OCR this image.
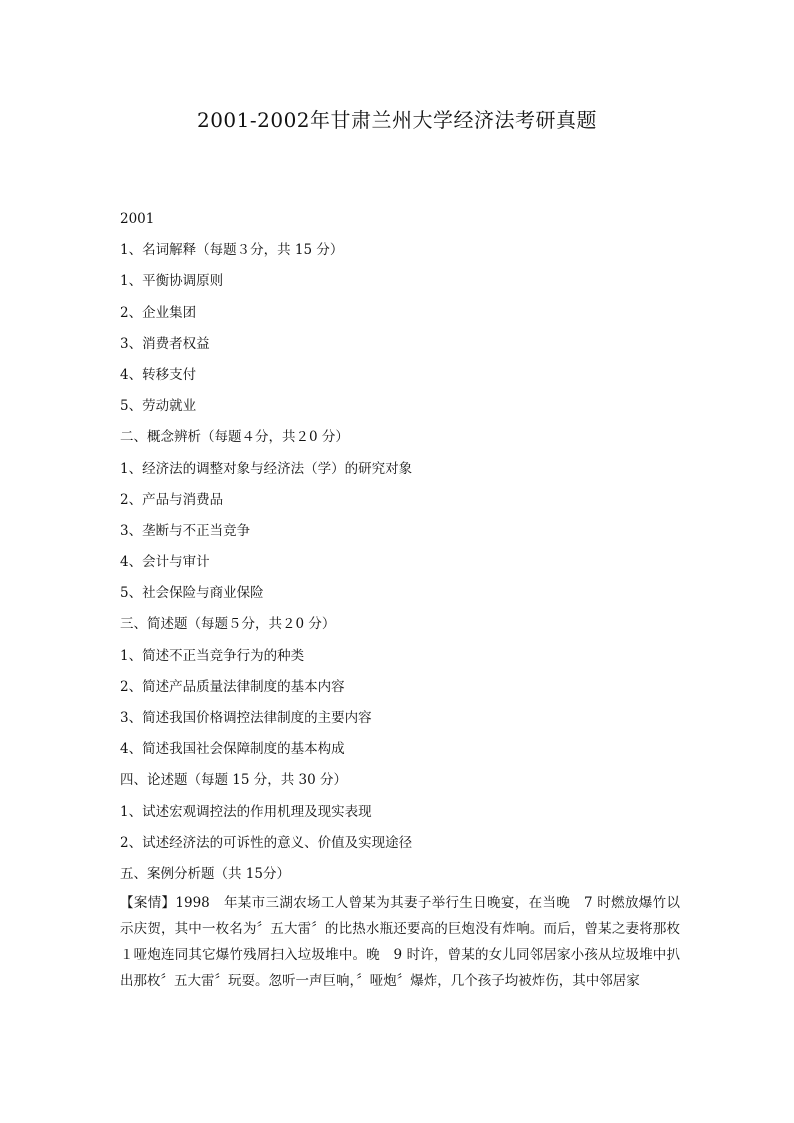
2001-2002年甘肃兰州大学经济法考研真题
2001
1、名词解释（每题３分，共 15 分）
1、平衡协调原则
2、企业集团
3、消费者权益
4、转移支付
5、劳动就业
二、概念辨析（每题４分，共２0 分）
1、经济法的调整对象与经济法（学）的研究对象
2、产品与消费品
3、垄断与不正当竞争
4、会计与审计
5、社会保险与商业保险
三、简述题（每题５分，共２0 分）
1、简述不正当竞争行为的种类
2、简述产品质量法律制度的基本内容
3、简述我国价格调控法律制度的主要内容
4、简述我国社会保障制度的基本构成
四、论述题（每题 15 分，共 30 分）
1、试述宏观调控法的作用机理及现实表现
2、试述经济法的可诉性的意义、价值及实现途径
五、案例分析题（共 15分）
【案情】1998　年某市三湖农场工人曾某为其妻子举行生日晚宴，在当晚　7 时燃放爆竹以示庆贺，其中一枚名为〞五大雷〞的比热水瓶还要高的巨炮没有炸响。而后，曾某之妻将那枚１哑炮连同其它爆竹残屑扫入垃圾堆中。晚　9 时许，曾某的女儿同邻居家小孩从垃圾堆中扒出那枚〞五大雷〞玩耍。忽听一声巨响，〞哑炮〞爆炸，几个孩子均被炸伤，其中邻居家
